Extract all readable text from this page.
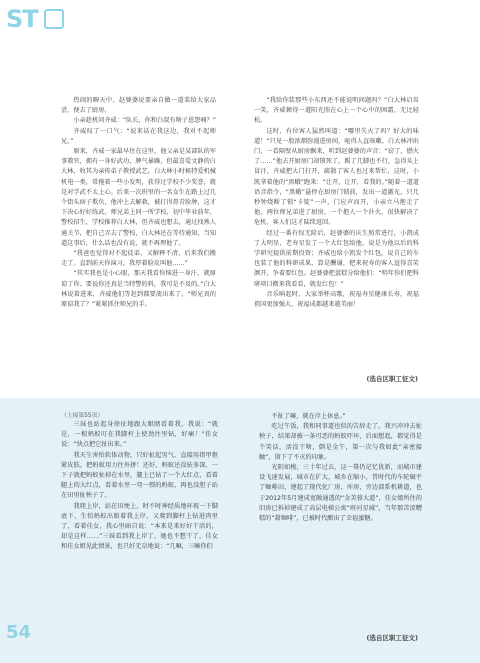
ST

热闹的聊天中，赵婆婆说要亲自做一道菜给大家品尝，便去了厨房。

小亲趁机问齐威：“队长，你和白叔有啥子恩怨喃？”

齐威叹了一口气：“说来话在我这边，我对不起师兄。”

原来，齐威一家最早住在这里，他父亲是某部队的军事教官，拥有一身好武功，脾气暴躁，但最喜爱文静的白大林，收其为亲传弟子教授武艺。白大林小时候特爱机械机电一类，常拖着一些小发明，获得过学校不少奖誉，就是对学武不太上心。后来一次班里的一名女生在路上过几个街头痞子欺负，他冲上去解救，被打得鼻青脸肿，这才下决心好好练武。师兄弟上同一所学校，初中毕业前年，警校招生，学校推荐白大林，但齐威也想去，通过找熟人通关节，把自己弄去了警校，白大林还在等待通知，当知道这事后，什么话也没有说，就不再理他了。

“我爸也觉得对不起徒弟，又解释不清，后来我们搬走了。直到前天你演习，我厚着脸皮叫他……”

“其实我也是小心眼，那天我看你恼进一身汗，就原谅了你。要说你还真是当特警的料，我可是不及的。”白大林说着进来，齐威他们等赶到都要流出来了。“师兄真的原谅我了？”紧紧抓住师兄的手。

“我给你装那些小东西还不能说明问题吗？”白大林启齿一笑，齐威顿得一道阳光照在心上一个心中的困霜，无比轻松。

这时，有位客人猛然叫道：“哪里失火了吗？好大的味道！”只见一股浓烟弥漫进房间，呛得人直咳嗽。白大林冲出门，一看隔壁从厨房飘来，听到赵婆婆的声音：“窃了，燃火了……”他去开厨房门却锁死了，踢了几脚也不行，急得头上冒汗，齐威把大门打开，疏散了客人也过来帮忙，这时，小凯拿着他的“黑蛾”跑来：“让开，让开，看我的。”随着一道道语音指令，“黑蛾”悬停在厨房门锁前，发出一道激光，只几秒钟烧断了锁“卡锭”一声，门应声而开，小亲立马抱走了他，两位师兄弟进了厨房，一个抱人一个扑火，很快解决了危机，客人们这才陆续返回。

经过一番有惊无险后，赵婆婆的庆生照常进行，小凯成了大明星，老寿星发了一个大红包给他，说是为他以后的科学研究提供前期投资；齐威也给小凯发个红包，说自己的车也装了他的科研成果，算是酬谢，把来祝寿的客人逗得喜笑颜开，争着要红包。赵婆婆把蛋糕分给他们：“明年你们把科研项目搬来我看看，就发红包！”

音乐响起时，大家举杯高歌，祝福寿星健康长寿，祝福祖国更加强大，祝福成都越来越美丽！

(选自区职工征文)
（上接第55页）

三妹也站起身徐征地跟大眼睛看着我，我说：“就是，一根蚂蚁叮在我脚杆上使劲往里钻，好痛！”佳女说：“快点把它扯出来。”

我天生害怕软体动物，只好扯起男气，直接用指甲抠紧皮肤，把蚂蚁用力往外拼！还好，蚂蚁还没钻多深，一下子就把蚂蚁扯掉在水里，腿上已钻了一个大红点，看着腿上的大红点，看着水里一弯一弹的蚂蚁，再也没胆子站在田里扯秧子了。

我爬上岸，站在田埂上，时不时神经质地环视一下脚底下，生怕蚂蚁出眼着我上岸，又爬到脚杆上钻进肉里了，看着佳女，我心里暗自说：“本来是来好好干活的，却是这样……”三妹看到我上岸了，她也不想干了，佳女和佳女姐见此情景，也只好无奈地说：“几嘛，三嘛你们

不扯了嘛，就在岸上休息。”

吃过午饭，我和同事道也似的告辞走了。我兴冲冲去扯秧子，结果却被一条可恶的蚂蚁吓坏，后面想起，都觉得是个笑话，活没干啥，倒是金午，第一次与我如此“亲密接触”，留下了不灭的印象。

光阴如梭，三十年过去，这一幕仍记忆犹新，而城市建设飞速发展，城市在扩大，城乡在缩小，昔时代的车轮碾平了咖啡田，建起了现代化厂房、库房，旁边部系机耕道，也于2012年5月建成宽敞通透的“金芙蓉大道”，佳女娘所住的旧房已拆掉建成了高层电梯公寓“府河星城”，当年那苦涩糟糕的“甜咖啡”，已被时代酿出了幸福蜜糖。

(选自区职工征文)
54
